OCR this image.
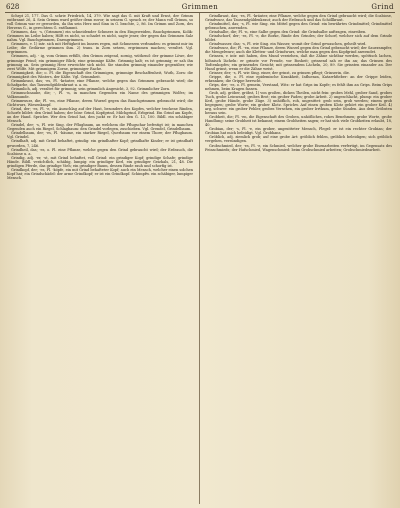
628	Grimmen	Grind

Schrpt 21, 177. Das G. schrie Friedrich, 14, 379. Wie sagt das G. mit Kraft und Ernst, der Grimm entbrannt 26, 4. Sein Grimm ward größer denn zuvor; in seinem G. sprach er, der Mann voll Grimm, so voll Grimm war er geworden, da ihn sein Herz und Sinn in G. brachte, 2, 86. Im Grimm und Zorn, des Herzens G., in gerechtem G. entflammt.

Grimmen, das; -s, (Grimmen) ein schneidender Schmerz in den Eingeweiden, Bauchgrimmen, Kolik: Grimmen im Leibe haben; Hilft es nicht, so schadet es nicht, sagte jener, der gegen das Grimmen Salz nahm. Vgl. Bauchgrimmen, Darmgrimmen.

Grimmen, v. 1) intr. sich mit Heftigkeit im Innern regen, mit Schmerzen verbunden: es grimmt mir im Leibe; die Gedärme grimmen ihm. 2) trans. in Zorn setzen, ergrimmen machen; veraltet. Vgl. ergrimmen.

Grimmen, adj. - ig, vom Grimm erfüllt, den Grimm zeigend, zornig, wüthend: der grimme Löwe, der grimmige Feind; ein grimmiger Blick; eine grimmige Kälte. Grimmig kalt; es ist grimmig; er sah ihn grimmig an. Sein grimmig Herz erweichte sich nicht. Sie standen grimmig einander gegenüber, wie zwei Wölfe. Mit grimmigem Zorne, grimmiger Rache.

Grimmigkeit, die; o. Pl. die Eigenschaft des Grimmigen, grimmige Beschaffenheit, Wuth, Zorn: die Grimmigkeit des Winters, der Kälte. Vgl. Grimmheit.

Grimmkraut, das; -es, Pl. -kräuter, eine Pflanze, welche gegen das Grimmen gebraucht wird; die Schafgarbe, das Tausendgüldenkraut u. a. m.

Grimmlich, adj. veraltet für grimmig; sein grimmlich Angesicht, 3, 92. Grimmlicher Zorn.

Grimmschnaube, die; -, Pl. -n, in manchen Gegenden ein Name des grimmigen Wolfes; im Volksmunde.

Grimmwurz, die; Pl. -en, eine Pflanze, deren Wurzel gegen das Bauchgrimmen gebraucht wird; die Gichtwurz, Wiesenknopf.

Grind, der; -es, Pl. -e, ein Ausschlag auf der Haut, besonders des Kopfes, welcher trockene Rinden, Schorfe bildet: den Grind haben; der böse Grind, Kopfgrind, Milchgrind, Erbgrind. Ein Grind am Kopfe, an der Hand. Sprichw. Wer den Grind hat, den juckt er. Er hat den G. 13, 100. Bildl. ein schäbiger Mensch.

Grindel, der; -s, Pl. wie Sing. der Pflugbaum, an welchem die Pflugschar befestigt ist; in manchen Gegenden auch ein Riegel, Schlagbaum: den Grindel vorlegen, zuschieben. Vgl. Grendel, Grindelbaum.

Grindelbaum, der; -es, Pl. -bäume, ein starker Riegel, Querbaum vor einem Thore; der Pflugbaum. Vgl. Grindel.

Grindhaft, adj. mit Grind behaftet, grindig: ein grindhafter Kopf; grindhafte Kinder; er ist grindhaft geworden, 7, 246.

Grindheil, das; -es, o. Pl. eine Pflanze, welche gegen den Grind gebraucht wird; der Erdrauch, die Scabiose u. a.

Grindig, adj. -er, -st, mit Grind behaftet, voll Grind: ein grindiger Kopf; grindige Schafe; grindige Hände. Bildl. verächtlich, schäbig, lumpig: ein grindiger Kerl, ein grindiger Geizhals, 21, 48. Die grindigen Pferde, das grindige Vieh; ein grindiger Baum, dessen Rinde rauh und schorfig ist.

Grindkopf, der; -es, Pl. -köpfe, ein mit Grind behafteter Kopf; auch ein Mensch, welcher einen solchen Kopf hat; ein Grindschädel: der arme Grindkopf; er ist ein Grindkopf. Schimpfw. ein schäbiger, lumpiger Mensch.

Grindkraut, das; -es, Pl. -kräuter, eine Pflanze, welche gegen den Grind gebraucht wird; die Scabiose, Grindwurz, das Tausendgüldenkraut; auch der Erdrauch und das Schöllkraut.

Grindmittel, das; -s, Pl. wie Sing. ein Mittel gegen den Grind: ein bewährtes Grindmittel; Grindmittel gebrauchen, anwenden.

Grindsalbe, die; Pl. -n, eine Salbe gegen den Grind: die Grindsalbe auftragen, einreiben.

Grindschorf, der; -es, Pl. -e, die Borke, Rinde des Grindes; der Schorf, welcher sich auf dem Grinde bildet.

Grindwasser, das; -s, Pl. wie Sing. ein Wasser, womit der Grind gewaschen, geheilt wird.

Grindwurz, die; Pl. -en, eine Pflanze, deren Wurzel gegen den Grind gebraucht wird; der Sauerampfer, die Mengelwurz; auch die Kletten- und Grindwurz, welche man gegen den Kopfgrind anwendet.

Grinsen, v. intr. mit haben, den Mund verziehen, daß die Zähne sichtbar werden, spöttisch lachen, höhnisch lächeln: er grinste vor Freude, vor Bosheit; grinsend sah er ihn an; das Grinsen des Todtenkopfes; ein grinsendes Gesicht; mit grinsendem Lächeln, 20, 89. Sie grinsten einander an. Der Hund grinst, wenn er die Zähne weist.

Grinser, der; -s, Pl. wie Sing. einer, der grinst, zu grinsen pflegt; Grinserin, die.

Grippe, die; o. Pl. eine epidemische Krankheit, Influenza, Katarrhfieber: an der Grippe leiden, erkranken; die Grippe herrscht.

Grips, der; -es, o. Pl. gemein, Verstand, Witz: er hat Grips im Kopfe; es fehlt ihm an Grips. Beim Grips nehmen, beim Kragen fassen.

Grob, adj. gröber, gröbst, 1) von großen, dicken Theilen, nicht fein: grobes Mehl, grober Sand, grobes Tuch, grobe Leinwand; grobes Brot; ein grober Faden; grobe Arbeit. 2) ungeschlacht, plump: ein grober Kerl, grobe Hände, grobe Züge. 3) unhöflich, roh, ungesittet: grob sein, grob werden; einem grob begegnen; grobe Worte; ein grober Klotz. Sprichw. Auf einen groben Klotz gehört ein grober Keil. 4) arg, schwer: ein grober Fehler, grobes Versehen, ein grober Irrthum, grobe Sünden. Aus dem Gröbsten heraus sein.

Grobheit, die; Pl. -en, die Eigenschaft des Groben, unhöfliches, rohes Benehmen; grobe Worte, grobe Handlung: seine Grobheit ist bekannt; einem Grobheiten sagen; er hat sich viele Grobheiten erlaubt, 18, 40.

Grobian, der; -s, Pl. -e, ein grober, ungesitteter Mensch, Flegel: er ist ein rechter Grobian; der Grobian hat mich beleidigt. Vgl. Grobhans.

Gröblich, adj. ziemlich grob; auf eine grobe Art: gröblich fehlen, gröblich beleidigen; sich gröblich vergehen, versündigen.

Grobschmied, der; -es, Pl. -e, ein Schmied, welcher grobe Eisenarbeiten verfertigt, im Gegensatz des Feinschmieds; der Hufschmied, Wagenschmied: beim Grobschmied arbeiten; Grobschmiedearbeit.
